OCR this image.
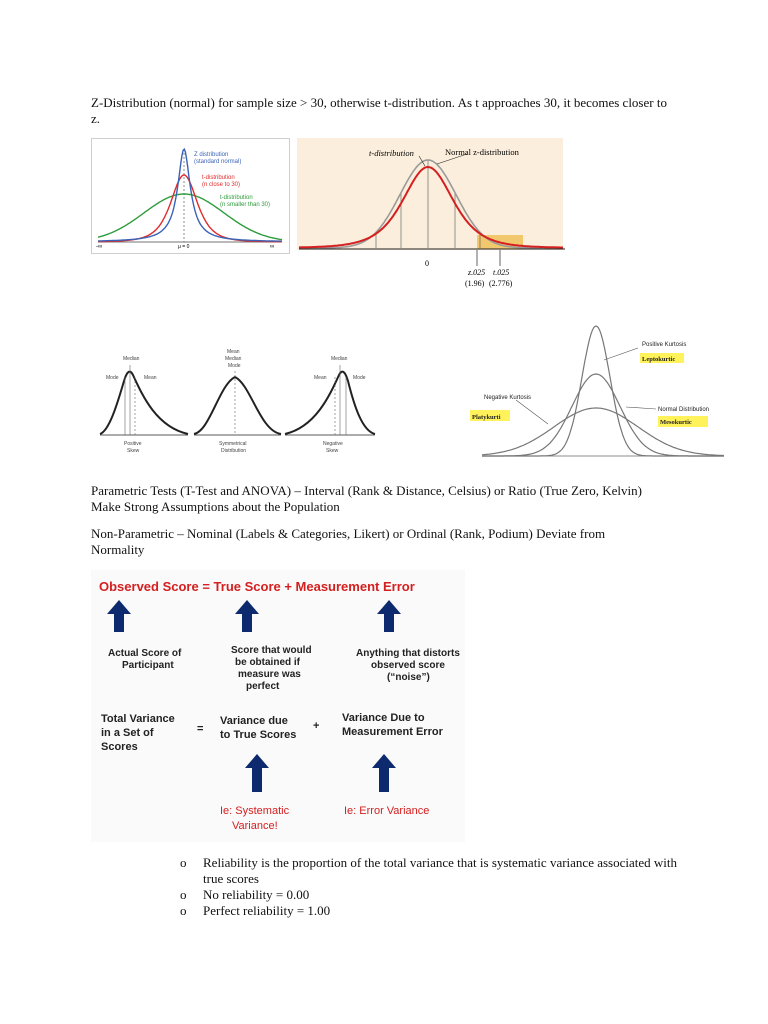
Z-Distribution (normal) for sample size > 30, otherwise t-distribution. As t approaches 30, it becomes closer to z.
Z distribution
(standard normal)
t-distribution
(n close to 30)
t-distribution
(n smaller than 30)
-∞	μ = 0	∞
t-distribution	Normal z-distribution
0
z.025 t.025
(1.96) (2.776)
Median
Mode	Mean
Positive
Skew
Mean
Median
Mode
Symmetrical
Distribution
Median
Mean	Mode
Negative
Skew
Positive Kurtosis
Leptokurtic
Negative Kurtosis
Platykurti
Normal Distribution
Mesokurtic
Parametric Tests (T-Test and ANOVA) – Interval (Rank & Distance, Celsius) or Ratio (True Zero, Kelvin)
Make Strong Assumptions about the Population
Non-Parametric – Nominal (Labels & Categories, Likert) or Ordinal (Rank, Podium) Deviate from
Normality
Observed Score = True Score + Measurement Error
Actual Score of
Participant
Score that would
be obtained if
measure was
perfect
Anything that distorts
observed score
(“noise”)
Total Variance
in a Set of
Scores
=
Variance due
to True Scores
+
Variance Due to
Measurement Error
Ie: Systematic
Variance!
Ie: Error Variance
o Reliability is the proportion of the total variance that is systematic variance associated with true scores
o No reliability = 0.00
o Perfect reliability = 1.00
